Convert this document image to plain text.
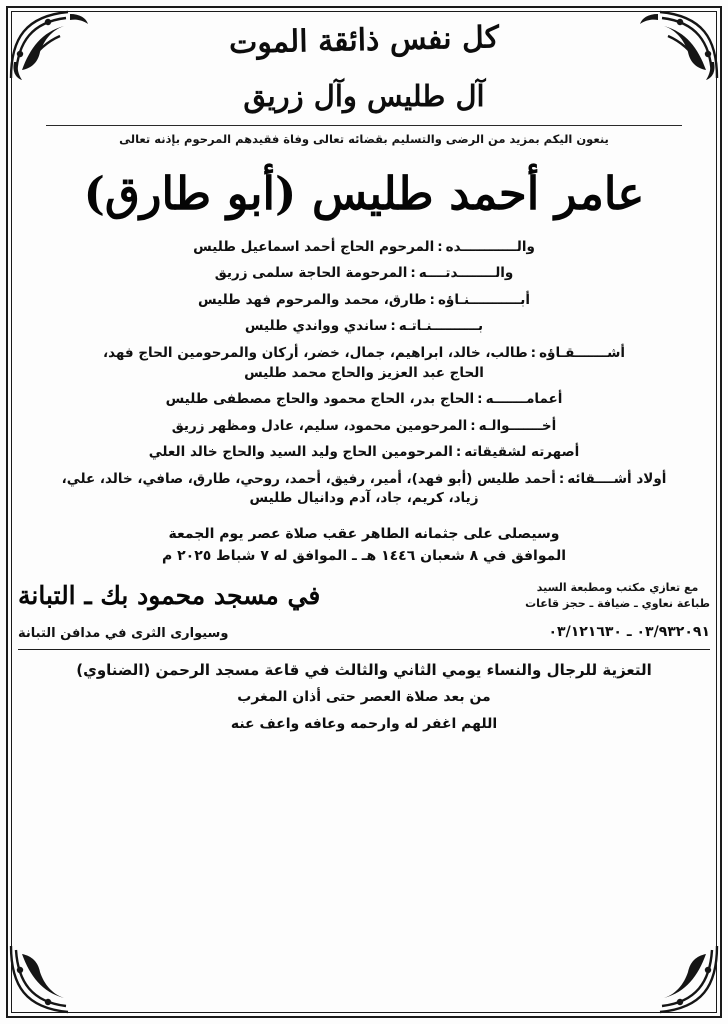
كل نفس ذائقة الموت
آل طليس وآل زريق
ينعون اليكم بمزيد من الرضى والتسليم بقضائه تعالى وفاة فقيدهم المرحوم بإذنه تعالى
عامر أحمد طليس (أبو طارق)
والــــــــــــده
:
المرحوم الحاج أحمد اسماعيل طليس
والــــــــدتــــه
:
المرحومة الحاجة سلمى زريق
أبـــــــــــنـاؤه
:
طارق، محمد والمرحوم فهد طليس
بــــــــــنـاتـه
:
ساندي وواندي طليس
أشـــــــقـاؤه
:
طالب، خالد، ابراهيم، جمال، خضر، أركان والمرحومين الحاج فهد،
الحاج عبد العزيز والحاج محمد طليس
أعمامـــــــه
:
الحاج بدر، الحاج محمود والحاج مصطفى طليس
أخـــــــوالـه
:
المرحومين محمود، سليم، عادل ومظهر زريق
أصهرته لشقيقاته
:
المرحومين الحاج وليد السيد والحاج خالد العلي
أولاد أشــــقائه
:
أحمد طليس (أبو فهد)، أمير، رفيق، أحمد، روحي، طارق، صافي، خالد، علي،
زياد، كريم، جاد، آدم ودانيال طليس
وسيصلى على جثمانه الطاهر عقب صلاة عصر يوم الجمعة
الموافق في ٨ شعبان ١٤٤٦ هـ ـ الموافق له ٧ شباط ٢٠٢٥ م
مع تعازي مكتب ومطبعة السيد
طباعة نعاوي ـ ضيافة ـ حجز قاعات
في مسجد محمود بك ـ التبانة
٠٣/٩٣٢٠٩١ ـ ٠٣/١٢١٦٣٠
وسيوارى الثرى في مدافن التبانة
التعزية للرجال والنساء يومي الثاني والثالث في قاعة مسجد الرحمن (الضناوي)
من بعد صلاة العصر حتى أذان المغرب
اللهم اغفر له وارحمه وعافه واعف عنه
